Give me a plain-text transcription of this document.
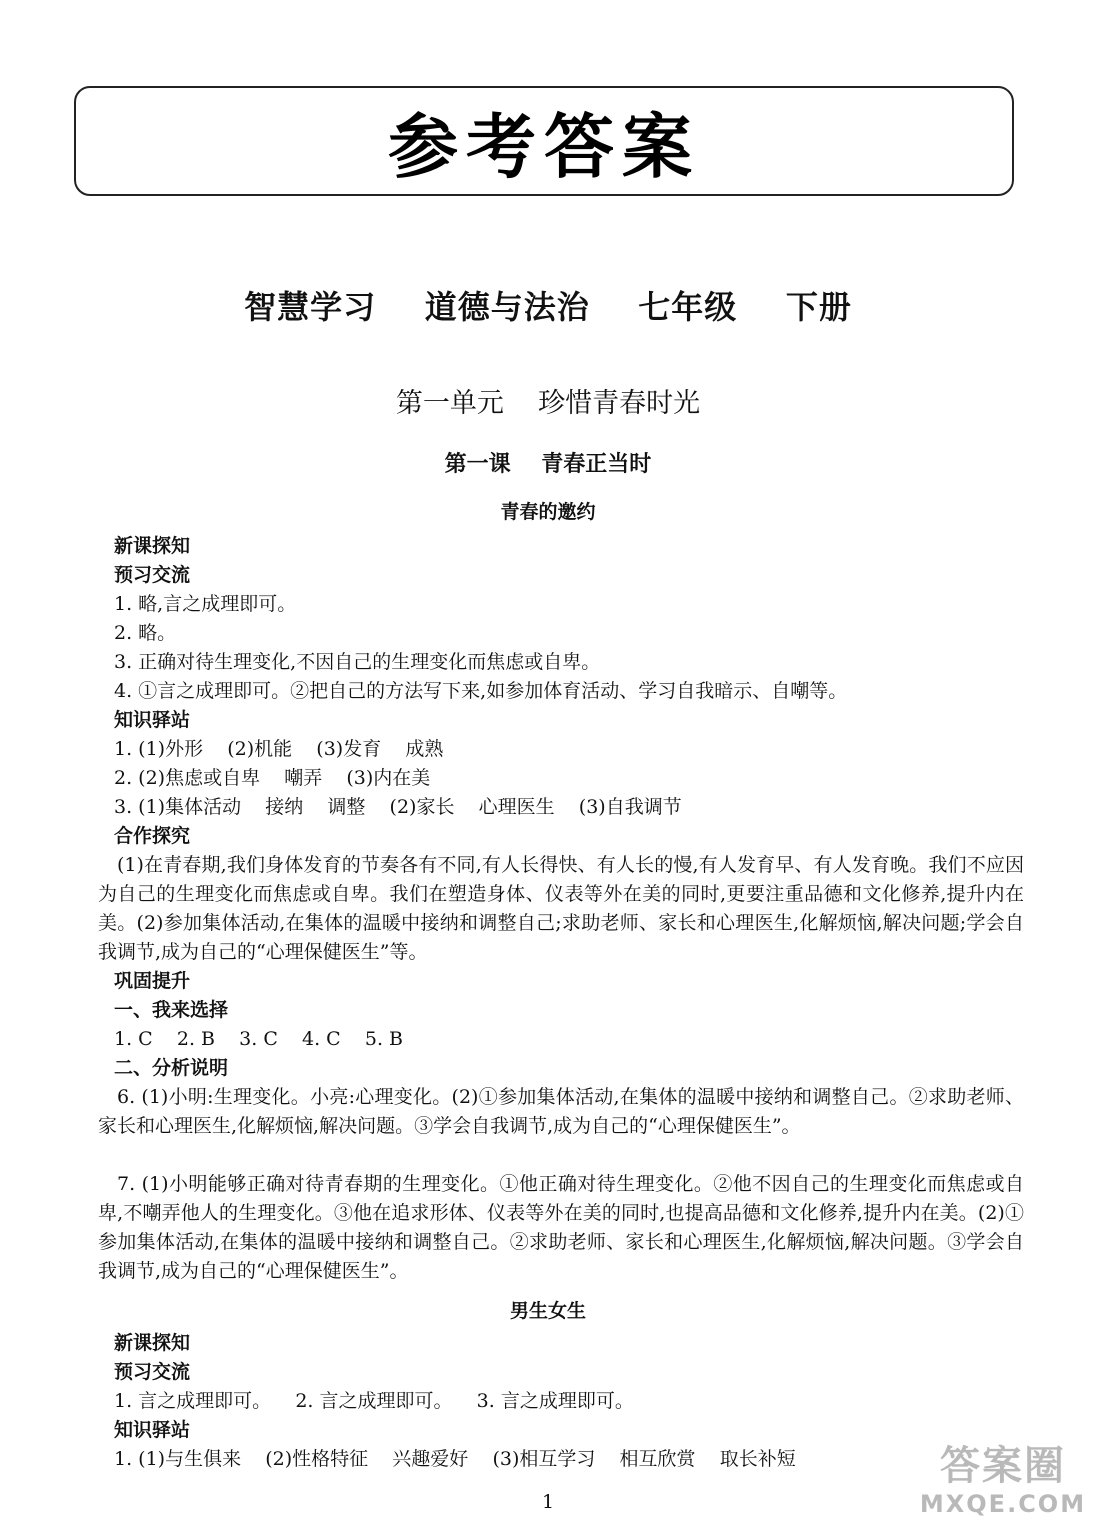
参考答案
智慧学习    道德与法治    七年级    下册
第一单元    珍惜青春时光
第一课    青春正当时
青春的邀约
新课探知
预习交流
1. 略,言之成理即可。
2. 略。
3. 正确对待生理变化,不因自己的生理变化而焦虑或自卑。
4. ①言之成理即可。②把自己的方法写下来,如参加体育活动、学习自我暗示、自嘲等。
知识驿站
1. (1)外形    (2)机能    (3)发育    成熟
2. (2)焦虑或自卑    嘲弄    (3)内在美
3. (1)集体活动    接纳    调整    (2)家长    心理医生    (3)自我调节
合作探究
(1)在青春期,我们身体发育的节奏各有不同,有人长得快、有人长的慢,有人发育早、有人发育晚。我们不应因为自己的生理变化而焦虑或自卑。我们在塑造身体、仪表等外在美的同时,更要注重品德和文化修养,提升内在美。(2)参加集体活动,在集体的温暖中接纳和调整自己;求助老师、家长和心理医生,化解烦恼,解决问题;学会自我调节,成为自己的“心理保健医生”等。
巩固提升
一、我来选择
1. C    2. B    3. C    4. C    5. B
二、分析说明
6. (1)小明:生理变化。小亮:心理变化。(2)①参加集体活动,在集体的温暖中接纳和调整自己。②求助老师、家长和心理医生,化解烦恼,解决问题。③学会自我调节,成为自己的“心理保健医生”。
7. (1)小明能够正确对待青春期的生理变化。①他正确对待生理变化。②他不因自己的生理变化而焦虑或自卑,不嘲弄他人的生理变化。③他在追求形体、仪表等外在美的同时,也提高品德和文化修养,提升内在美。(2)①参加集体活动,在集体的温暖中接纳和调整自己。②求助老师、家长和心理医生,化解烦恼,解决问题。③学会自我调节,成为自己的“心理保健医生”。
男生女生
新课探知
预习交流
1. 言之成理即可。    2. 言之成理即可。    3. 言之成理即可。
知识驿站
1. (1)与生俱来    (2)性格特征    兴趣爱好    (3)相互学习    相互欣赏    取长补短
1
答案圈
MXQE.COM
